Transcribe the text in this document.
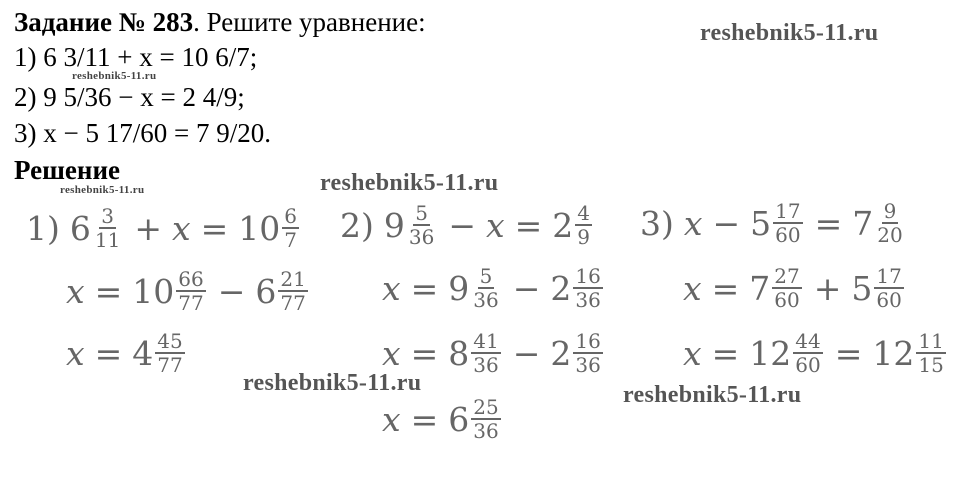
Задание № 283. Решите уравнение:
1) 6 3/11 + x = 10 6/7;
2) 9 5/36 − x = 2 4/9;
3) x − 5 17/60 = 7 9/20.
Решение
reshebnik5-11.ru
reshebnik5-11.ru
reshebnik5-11.ru
reshebnik5-11.ru
reshebnik5-11.ru	reshebnik5-11.ru
1) $6 \frac{3}{11} + x = 10 \frac{6}{7}$
$x = 10 \frac{66}{77} - 6 \frac{21}{77}$
$x = 4 \frac{45}{77}$
2) $9 \frac{5}{36} - x = 2 \frac{4}{9}$
$x = 9 \frac{5}{36} - 2 \frac{16}{36}$
$x = 8 \frac{41}{36} - 2 \frac{16}{36}$
$x = 6 \frac{25}{36}$
3) $x - 5 \frac{17}{60} = 7 \frac{9}{20}$
$x = 7 \frac{27}{60} + 5 \frac{17}{60}$
$x = 12 \frac{44}{60} = 12 \frac{11}{15}$
